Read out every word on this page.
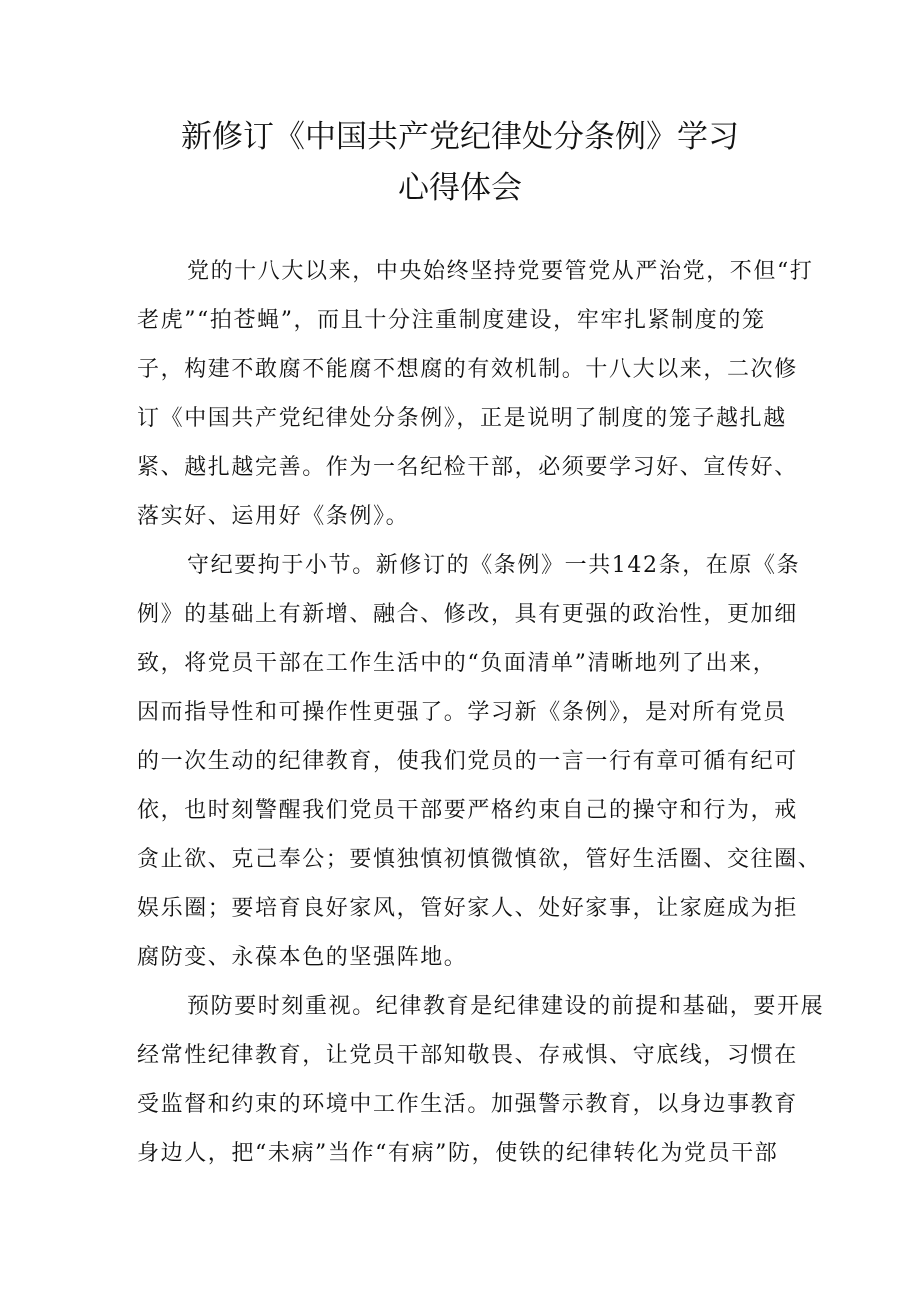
新修订《中国共产党纪律处分条例》学习
心得体会
党的十八大以来，中央始终坚持党要管党从严治党，不但“打
老虎”“拍苍蝇”，而且十分注重制度建设，牢牢扎紧制度的笼
子，构建不敢腐不能腐不想腐的有效机制。十八大以来，二次修
订《中国共产党纪律处分条例》，正是说明了制度的笼子越扎越
紧、越扎越完善。作为一名纪检干部，必须要学习好、宣传好、
落实好、运用好《条例》。
守纪要拘于小节。新修订的《条例》一共142条，在原《条
例》的基础上有新增、融合、修改，具有更强的政治性，更加细
致，将党员干部在工作生活中的“负面清单”清晰地列了出来，
因而指导性和可操作性更强了。学习新《条例》，是对所有党员
的一次生动的纪律教育，使我们党员的一言一行有章可循有纪可
依，也时刻警醒我们党员干部要严格约束自己的操守和行为，戒
贪止欲、克己奉公；要慎独慎初慎微慎欲，管好生活圈、交往圈、
娱乐圈；要培育良好家风，管好家人、处好家事，让家庭成为拒
腐防变、永葆本色的坚强阵地。
预防要时刻重视。纪律教育是纪律建设的前提和基础，要开展
经常性纪律教育，让党员干部知敬畏、存戒惧、守底线，习惯在
受监督和约束的环境中工作生活。加强警示教育，以身边事教育
身边人，把“未病”当作“有病”防，使铁的纪律转化为党员干部
